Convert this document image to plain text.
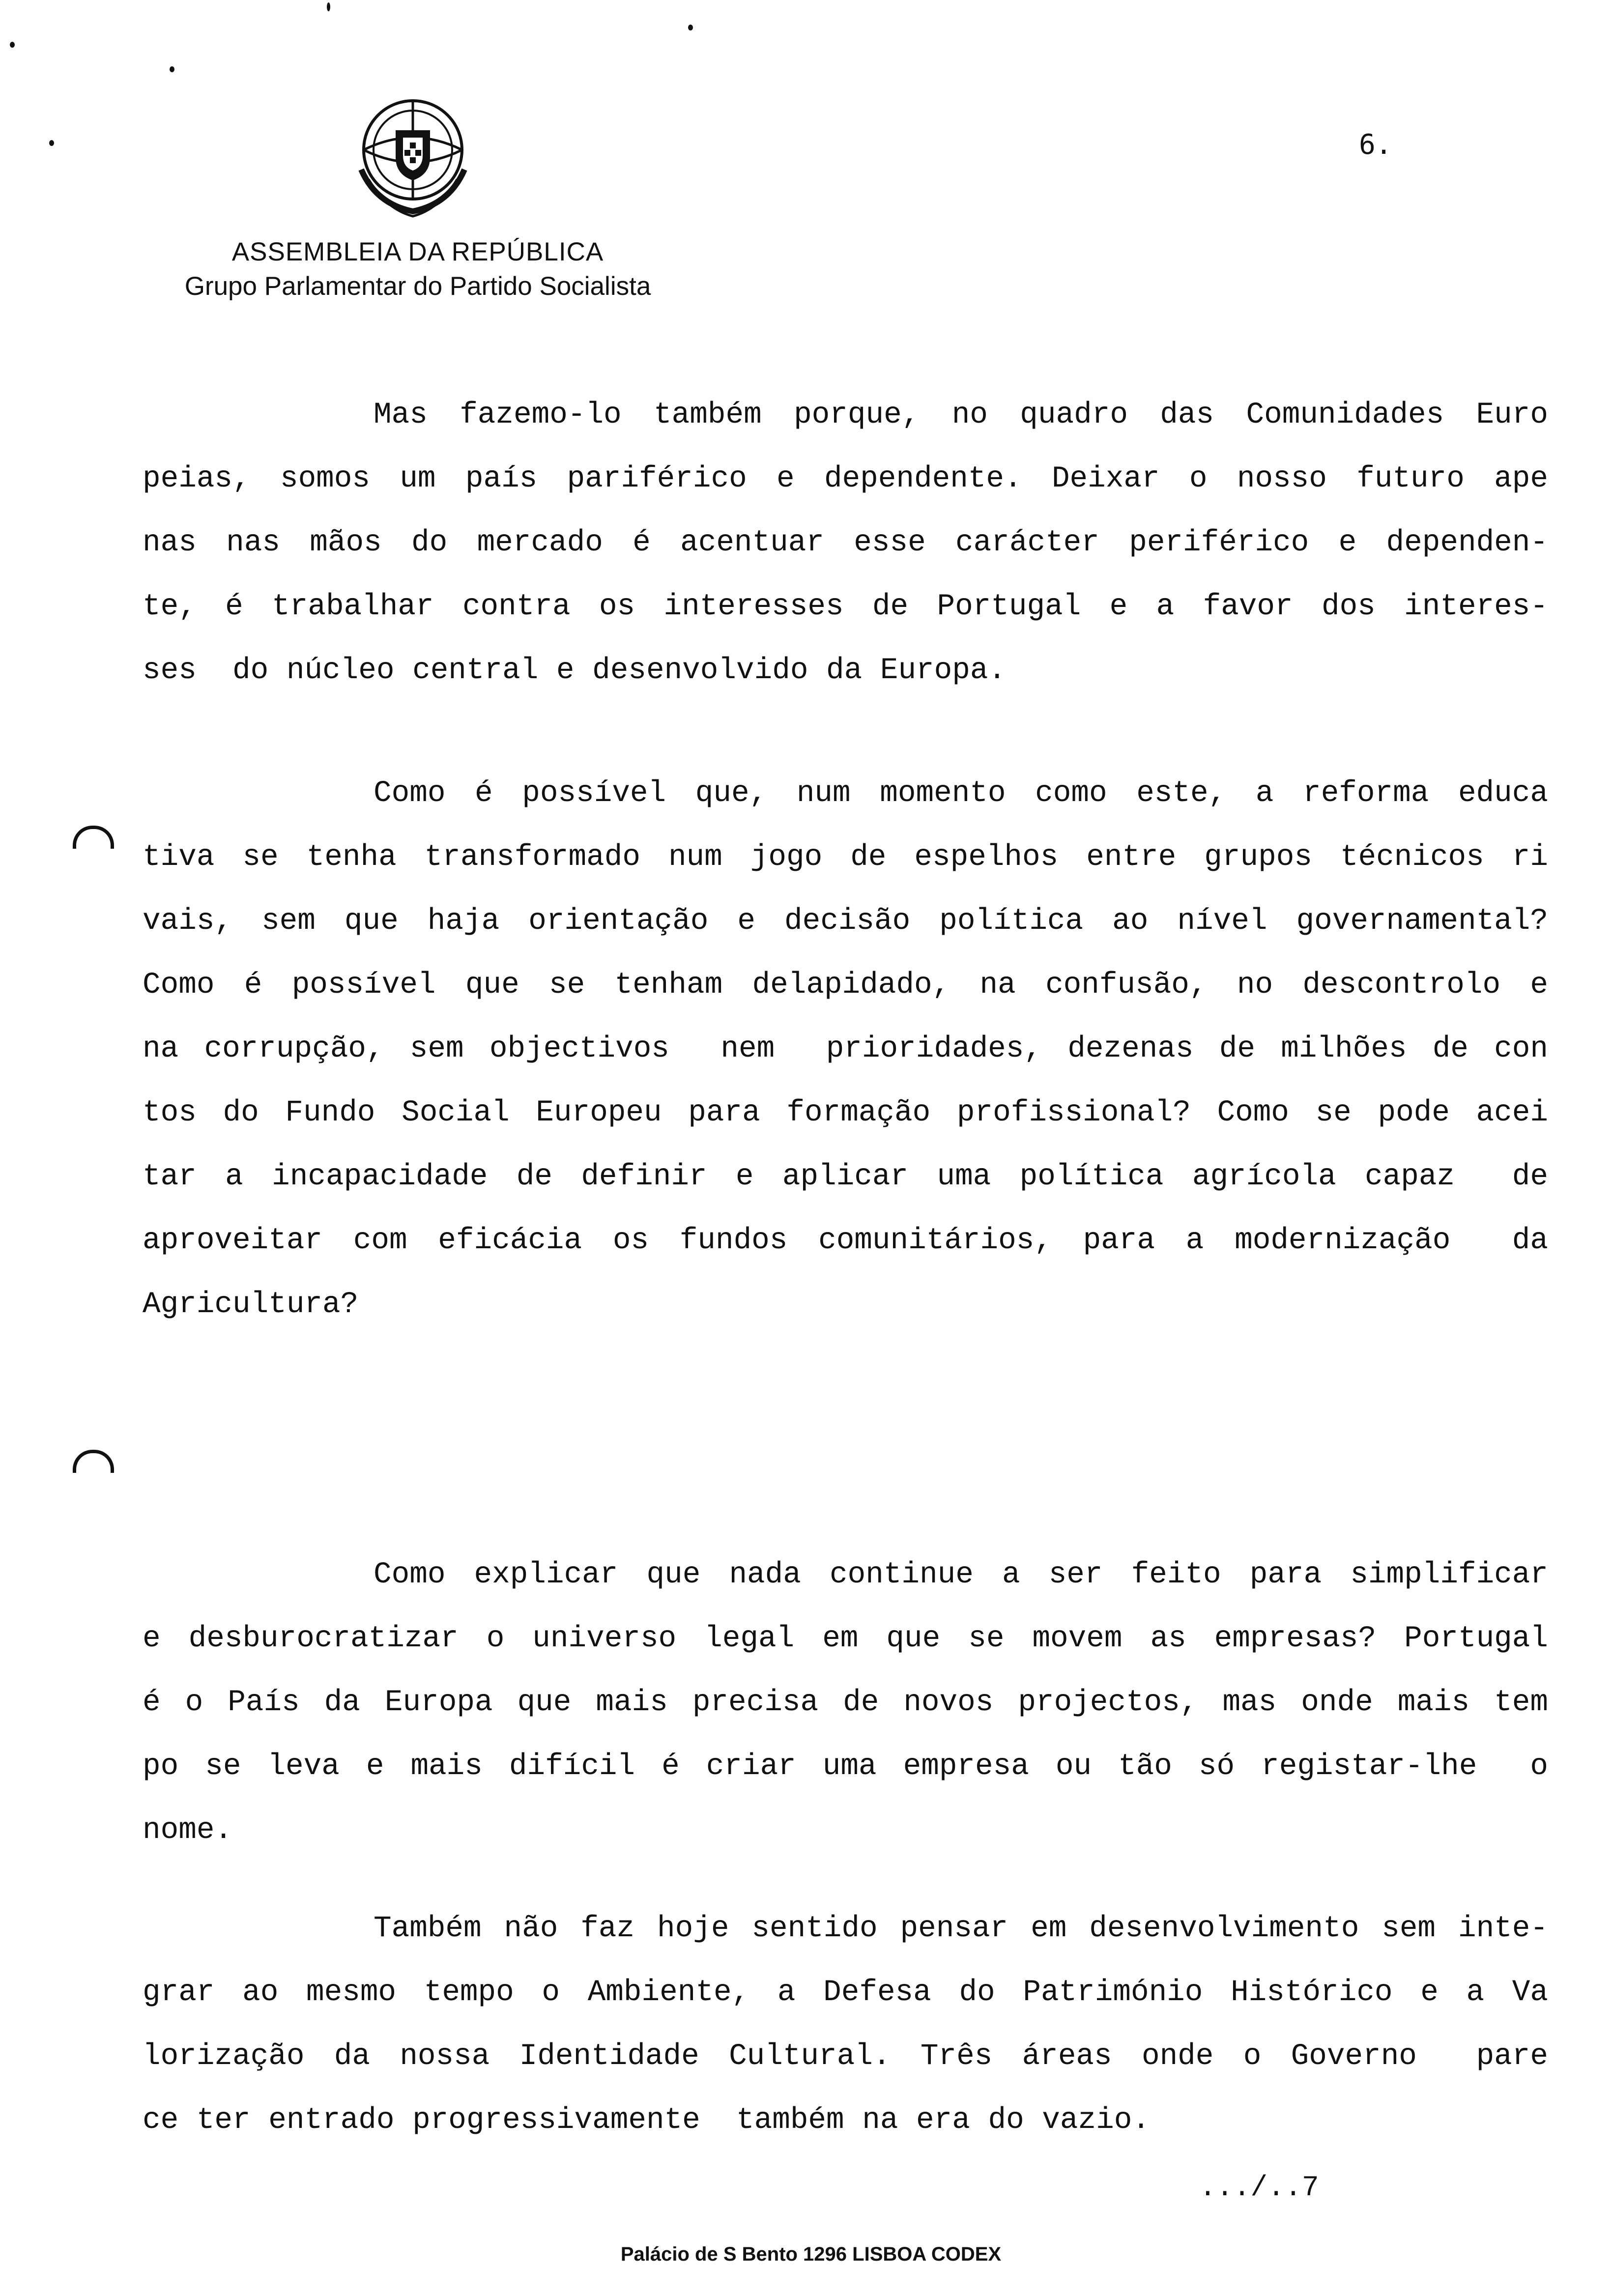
ASSEMBLEIA DA REPÚBLICA
Grupo Parlamentar do Partido Socialista
6.
Mas fazemo-lo também porque, no quadro das Comunidades Euro
peias, somos um país pariférico e dependente. Deixar o nosso futuro ape
nas nas mãos do mercado é acentuar esse carácter periférico e dependen-
te, é trabalhar contra os interesses de Portugal e a favor dos interes-
ses  do núcleo central e desenvolvido da Europa.
Como é possível que, num momento como este, a reforma educa
tiva se tenha transformado num jogo de espelhos entre grupos técnicos ri
vais, sem que haja orientação e decisão política ao nível governamental?
Como é possível que se tenham delapidado, na confusão, no descontrolo e
na corrupção, sem objectivos  nem  prioridades, dezenas de milhões de con
tos do Fundo Social Europeu para formação profissional? Como se pode acei
tar a incapacidade de definir e aplicar uma política agrícola capaz  de
aproveitar com eficácia os fundos comunitários, para a modernização  da
Agricultura?
Como explicar que nada continue a ser feito para simplificar
e desburocratizar o universo legal em que se movem as empresas? Portugal
é o País da Europa que mais precisa de novos projectos, mas onde mais tem
po se leva e mais difícil é criar uma empresa ou tão só registar-lhe  o
nome.
Também não faz hoje sentido pensar em desenvolvimento sem inte-
grar ao mesmo tempo o Ambiente, a Defesa do Património Histórico e a Va
lorização da nossa Identidade Cultural. Três áreas onde o Governo  pare
ce ter entrado progressivamente  também na era do vazio.
.../..7
Palácio de S Bento 1296 LISBOA CODEX
